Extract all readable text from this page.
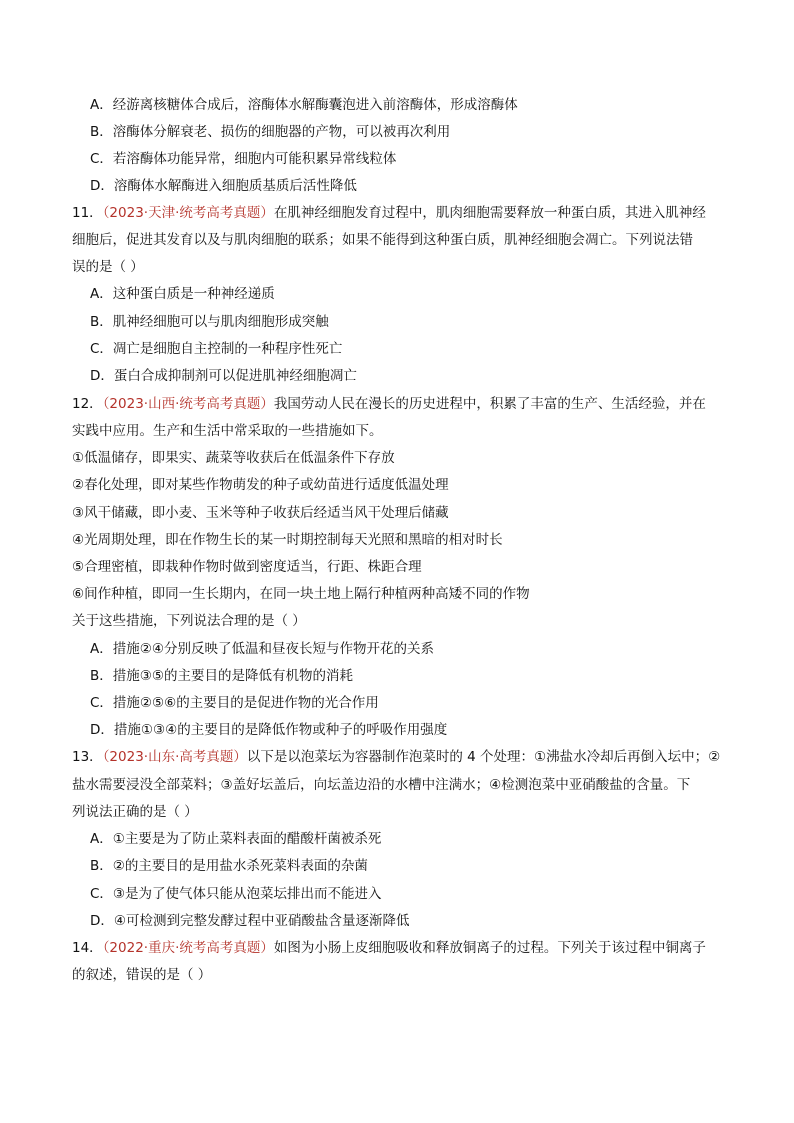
A．经游离核糖体合成后，溶酶体水解酶囊泡进入前溶酶体，形成溶酶体
B．溶酶体分解衰老、损伤的细胞器的产物，可以被再次利用
C．若溶酶体功能异常，细胞内可能积累异常线粒体
D．溶酶体水解酶进入细胞质基质后活性降低
11．（2023·天津·统考高考真题）在肌神经细胞发育过程中，肌肉细胞需要释放一种蛋白质，其进入肌神经
细胞后，促进其发育以及与肌肉细胞的联系；如果不能得到这种蛋白质，肌神经细胞会凋亡。下列说法错
误的是（ ）
A．这种蛋白质是一种神经递质
B．肌神经细胞可以与肌肉细胞形成突触
C．凋亡是细胞自主控制的一种程序性死亡
D．蛋白合成抑制剂可以促进肌神经细胞凋亡
12．（2023·山西·统考高考真题）我国劳动人民在漫长的历史进程中，积累了丰富的生产、生活经验，并在
实践中应用。生产和生活中常采取的一些措施如下。
①低温储存，即果实、蔬菜等收获后在低温条件下存放
②春化处理，即对某些作物萌发的种子或幼苗进行适度低温处理
③风干储藏，即小麦、玉米等种子收获后经适当风干处理后储藏
④光周期处理，即在作物生长的某一时期控制每天光照和黑暗的相对时长
⑤合理密植，即栽种作物时做到密度适当，行距、株距合理
⑥间作种植，即同一生长期内，在同一块土地上隔行种植两种高矮不同的作物
关于这些措施，下列说法合理的是（ ）
A．措施②④分别反映了低温和昼夜长短与作物开花的关系
B．措施③⑤的主要目的是降低有机物的消耗
C．措施②⑤⑥的主要目的是促进作物的光合作用
D．措施①③④的主要目的是降低作物或种子的呼吸作用强度
13．（2023·山东·高考真题）以下是以泡菜坛为容器制作泡菜时的 4 个处理：①沸盐水冷却后再倒入坛中；②
盐水需要浸没全部菜料；③盖好坛盖后，向坛盖边沿的水槽中注满水；④检测泡菜中亚硝酸盐的含量。下
列说法正确的是（ ）
A．①主要是为了防止菜料表面的醋酸杆菌被杀死
B．②的主要目的是用盐水杀死菜料表面的杂菌
C．③是为了使气体只能从泡菜坛排出而不能进入
D．④可检测到完整发酵过程中亚硝酸盐含量逐渐降低
14．（2022·重庆·统考高考真题）如图为小肠上皮细胞吸收和释放铜离子的过程。下列关于该过程中铜离子
的叙述，错误的是（ ）
